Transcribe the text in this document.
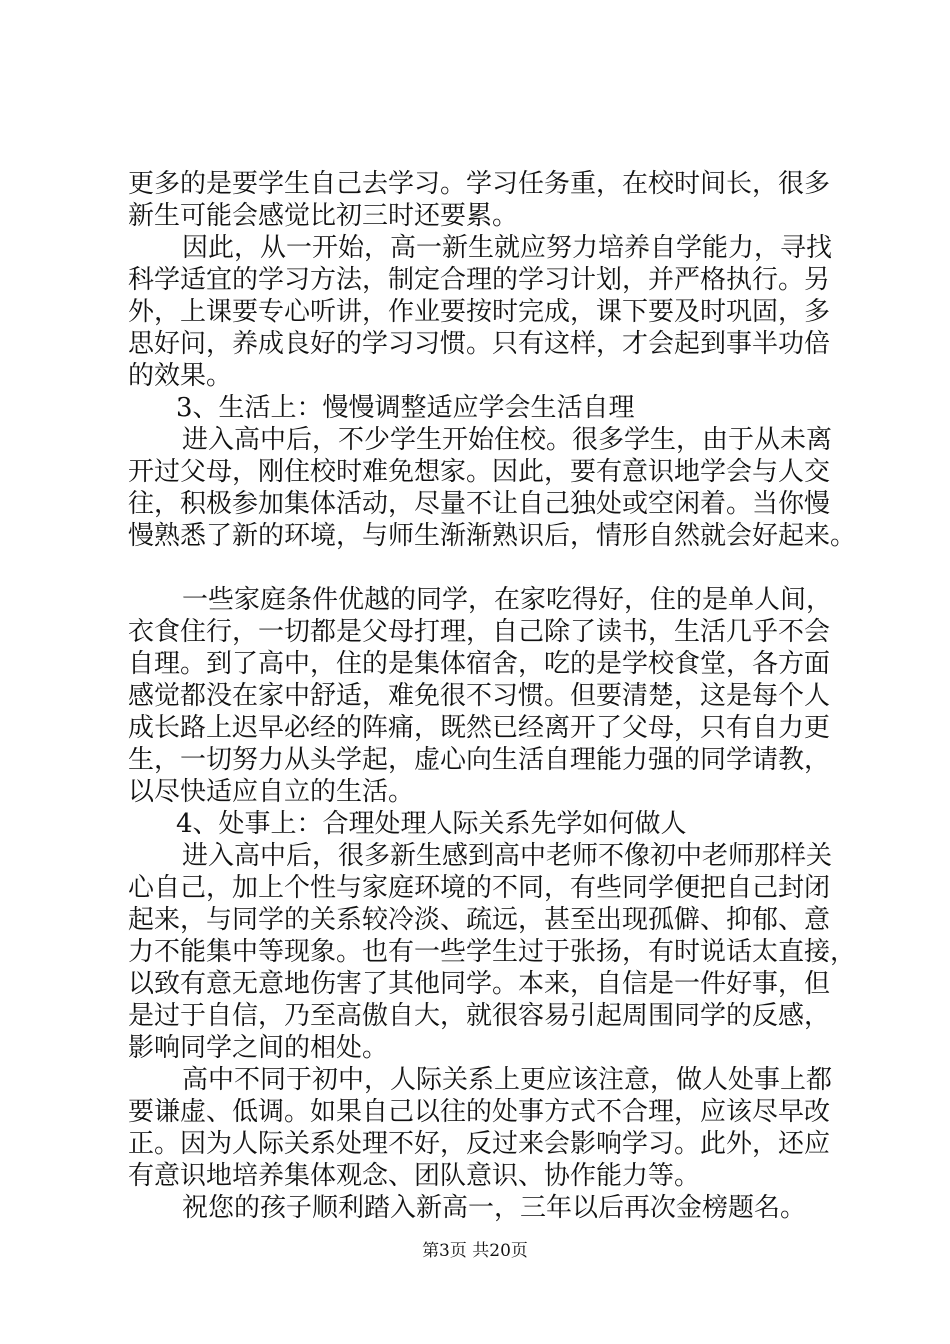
更多的是要学生自己去学习。学习任务重，在校时间长，很多
新生可能会感觉比初三时还要累。
因此，从一开始，高一新生就应努力培养自学能力，寻找
科学适宜的学习方法，制定合理的学习计划，并严格执行。另
外，上课要专心听讲，作业要按时完成，课下要及时巩固，多
思好问，养成良好的学习习惯。只有这样，才会起到事半功倍
的效果。
3、生活上：慢慢调整适应学会生活自理
进入高中后，不少学生开始住校。很多学生，由于从未离
开过父母，刚住校时难免想家。因此，要有意识地学会与人交
往，积极参加集体活动，尽量不让自己独处或空闲着。当你慢
慢熟悉了新的环境，与师生渐渐熟识后，情形自然就会好起来。
一些家庭条件优越的同学，在家吃得好，住的是单人间，
衣食住行，一切都是父母打理，自己除了读书，生活几乎不会
自理。到了高中，住的是集体宿舍，吃的是学校食堂，各方面
感觉都没在家中舒适，难免很不习惯。但要清楚，这是每个人
成长路上迟早必经的阵痛，既然已经离开了父母，只有自力更
生，一切努力从头学起，虚心向生活自理能力强的同学请教，
以尽快适应自立的生活。
4、处事上：合理处理人际关系先学如何做人
进入高中后，很多新生感到高中老师不像初中老师那样关
心自己，加上个性与家庭环境的不同，有些同学便把自己封闭
起来，与同学的关系较冷淡、疏远，甚至出现孤僻、抑郁、意
力不能集中等现象。也有一些学生过于张扬，有时说话太直接，
以致有意无意地伤害了其他同学。本来，自信是一件好事，但
是过于自信，乃至高傲自大，就很容易引起周围同学的反感，
影响同学之间的相处。
高中不同于初中，人际关系上更应该注意，做人处事上都
要谦虚、低调。如果自己以往的处事方式不合理，应该尽早改
正。因为人际关系处理不好，反过来会影响学习。此外，还应
有意识地培养集体观念、团队意识、协作能力等。
祝您的孩子顺利踏入新高一，三年以后再次金榜题名。
第3页 共20页
